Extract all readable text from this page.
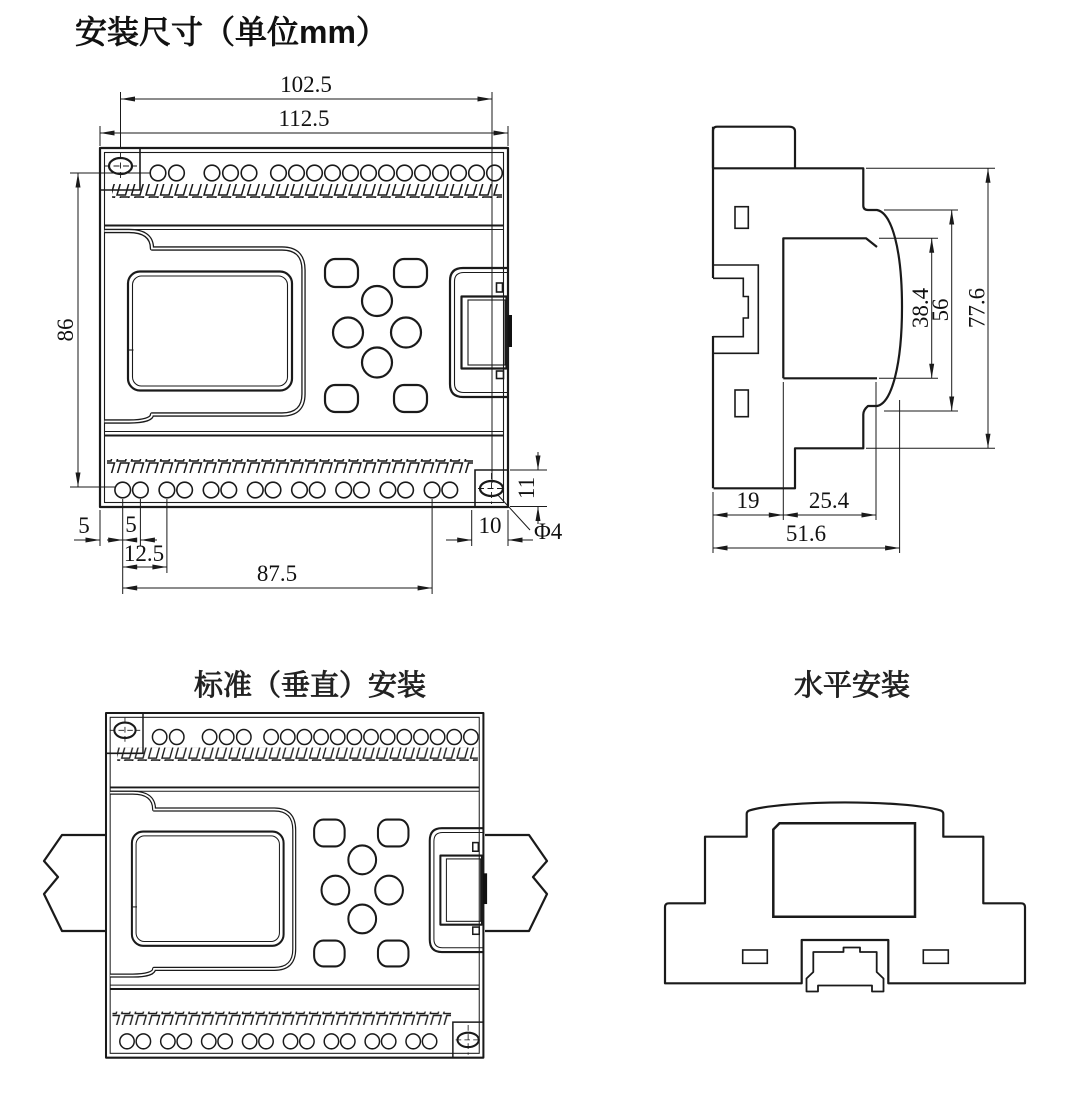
安装尺寸（单位mm）
102.5
112.5
86
5 5
12.5
87.5
10
11
Φ4
19 25.4
51.6
38.4
56 77.6
标准（垂直）安装	水平安装
